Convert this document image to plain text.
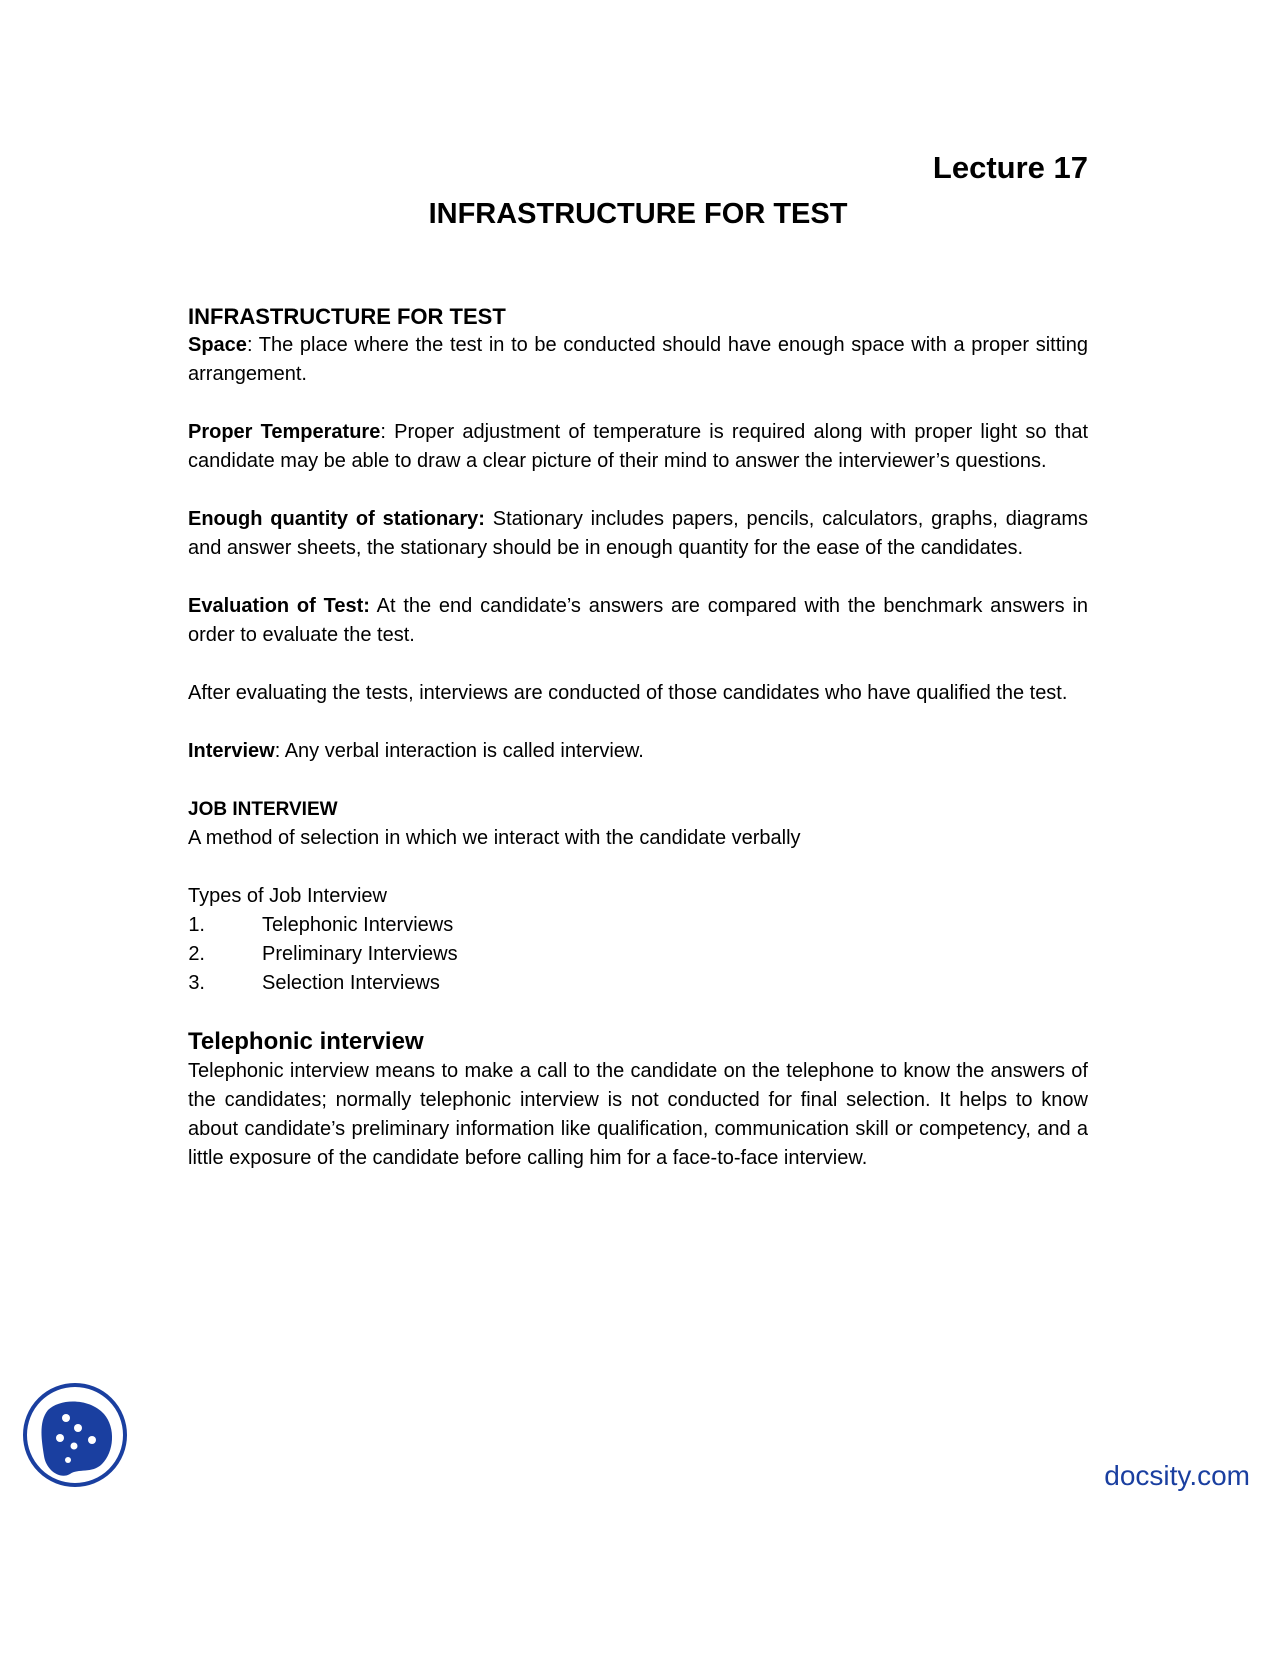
Lecture 17
INFRASTRUCTURE FOR TEST

INFRASTRUCTURE FOR TEST

Space: The place where the test in to be conducted should have enough space with a proper sitting arrangement.

Proper Temperature: Proper adjustment of temperature is required along with proper light so that candidate may be able to draw a clear picture of their mind to answer the interviewer’s questions.

Enough quantity of stationary: Stationary includes papers, pencils, calculators, graphs, diagrams and answer sheets, the stationary should be in enough quantity for the ease of the candidates.

Evaluation of Test: At the end candidate’s answers are compared with the benchmark answers in order to evaluate the test.

After evaluating the tests, interviews are conducted of those candidates who have qualified the test.

Interview: Any verbal interaction is called interview.

JOB INTERVIEW

A method of selection in which we interact with the candidate verbally

Types of Job Interview

1.	Telephonic Interviews
2.	Preliminary Interviews
3.	Selection Interviews

Telephonic interview

Telephonic interview means to make a call to the candidate on the telephone to know the answers of the candidates; normally telephonic interview is not conducted for final selection. It helps to know about candidate’s preliminary information like qualification, communication skill or competency, and a little exposure of the candidate before calling him for a face-to-face interview.

docsity.com
